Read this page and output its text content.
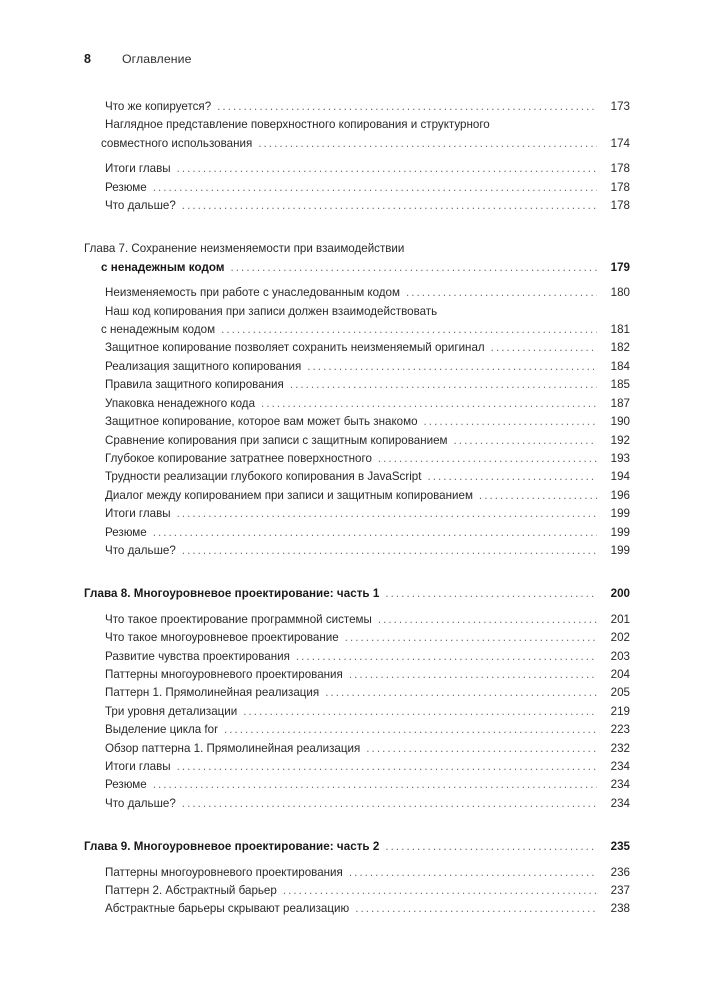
8	Оглавление
Что же копируется? .....	173
Наглядное представление поверхностного копирования и структурного
совместного использования .....	174
Итоги главы .....	178
Резюме .....	178
Что дальше? .....	178
Глава 7. Сохранение неизменяемости при взаимодействии
с ненадежным кодом .....	179
Неизменяемость при работе с унаследованным кодом .....	180
Наш код копирования при записи должен взаимодействовать
с ненадежным кодом .....	181
Защитное копирование позволяет сохранить неизменяемый оригинал .....	182
Реализация защитного копирования .....	184
Правила защитного копирования .....	185
Упаковка ненадежного кода .....	187
Защитное копирование, которое вам может быть знакомо .....	190
Сравнение копирования при записи с защитным копированием .....	192
Глубокое копирование затратнее поверхностного .....	193
Трудности реализации глубокого копирования в JavaScript .....	194
Диалог между копированием при записи и защитным копированием .....	196
Итоги главы .....	199
Резюме .....	199
Что дальше? .....	199
Глава 8. Многоуровневое проектирование: часть 1 .....	200
Что такое проектирование программной системы .....	201
Что такое многоуровневое проектирование .....	202
Развитие чувства проектирования .....	203
Паттерны многоуровневого проектирования .....	204
Паттерн 1. Прямолинейная реализация .....	205
Три уровня детализации .....	219
Выделение цикла for .....	223
Обзор паттерна 1. Прямолинейная реализация .....	232
Итоги главы .....	234
Резюме .....	234
Что дальше? .....	234
Глава 9. Многоуровневое проектирование: часть 2 .....	235
Паттерны многоуровневого проектирования .....	236
Паттерн 2. Абстрактный барьер .....	237
Абстрактные барьеры скрывают реализацию .....	238
